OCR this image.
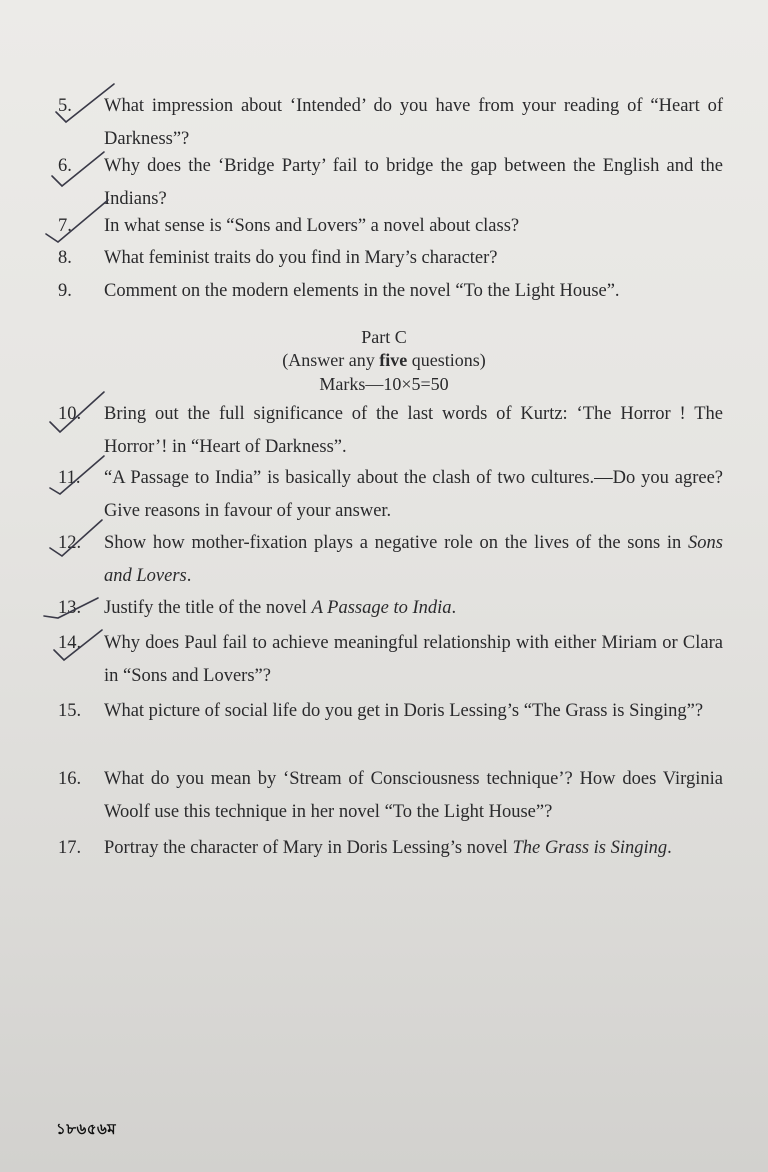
5.	What impression about ‘Intended’ do you have from your reading of “Heart of Darkness”?
6.	Why does the ‘Bridge Party’ fail to bridge the gap between the English and the Indians?
7.	In what sense is “Sons and Lovers” a novel about class?
8.	What feminist traits do you find in Mary’s character?
9.	Comment on the modern elements in the novel “To the Light House”.
Part C
(Answer any five questions)
Marks—10×5=50
10.	Bring out the full significance of the last words of Kurtz: ‘The Horror ! The Horror’! in “Heart of Darkness”.
11.	“A Passage to India” is basically about the clash of two cultures.—Do you agree? Give reasons in favour of your answer.
12.	Show how mother-fixation plays a negative role on the lives of the sons in Sons and Lovers.
13.	Justify the title of the novel A Passage to India.
14.	Why does Paul fail to achieve meaningful relationship with either Miriam or Clara in “Sons and Lovers”?
15.	What picture of social life do you get in Doris Lessing’s “The Grass is Singing”?
16.	What do you mean by ‘Stream of Consciousness technique’? How does Virginia Woolf use this technique in her novel “To the Light House”?
17.	Portray the character of Mary in Doris Lessing’s novel The Grass is Singing.
১৮৬৫৬ম
